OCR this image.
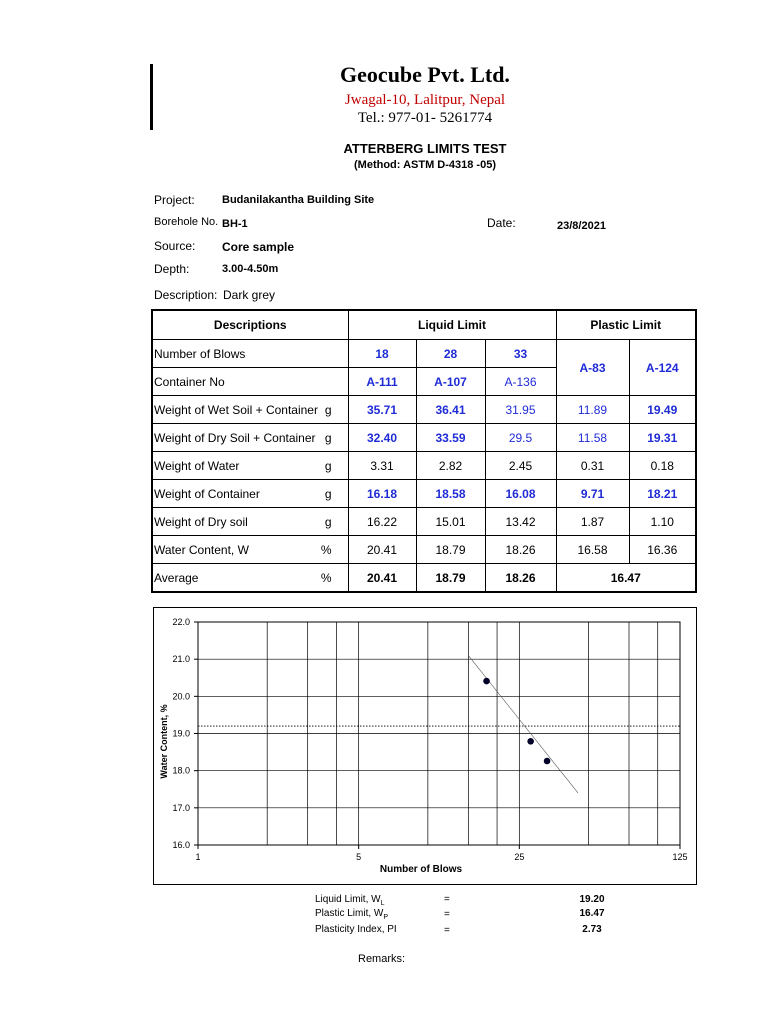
Geocube Pvt. Ltd.
Jwagal-10, Lalitpur, Nepal
Tel.: 977-01- 5261774
ATTERBERG LIMITS TEST
(Method: ASTM D-4318 -05)
Project: Budanilakantha Building Site
Borehole No. BH-1	Date:	23/8/2021
Source: Core sample
Depth:	3.00-4.50m
Description: Dark grey
Descriptions	Liquid Limit			Plastic Limit	
Number of Blows	18	28	33	A-83	A-124
Container No	A-111	A-107	A-136		
Weight of Wet Soil + Container g	35.71	36.41	31.95	11.89	19.49
Weight of Dry Soil + Container g	32.40	33.59	29.5	11.58	19.31
Weight of Water g	3.31	2.82	2.45	0.31	0.18
Weight of Container g	16.18	18.58	16.08	9.71	18.21
Weight of Dry soil g	16.22	15.01	13.42	1.87	1.10
Water Content, W %	20.41	18.79	18.26	16.58	16.36
Average %	20.41	18.79	18.26	16.47	
16.0
17.0
18.0
19.0
20.0
21.0
22.0
1	5	25	125
Number of Blows
Water Content, %
Liquid Limit, $W_L$	=	19.20
Plastic Limit, $W_P$	=	16.47
Plasticity Index, PI	=	2.73
Remarks:
